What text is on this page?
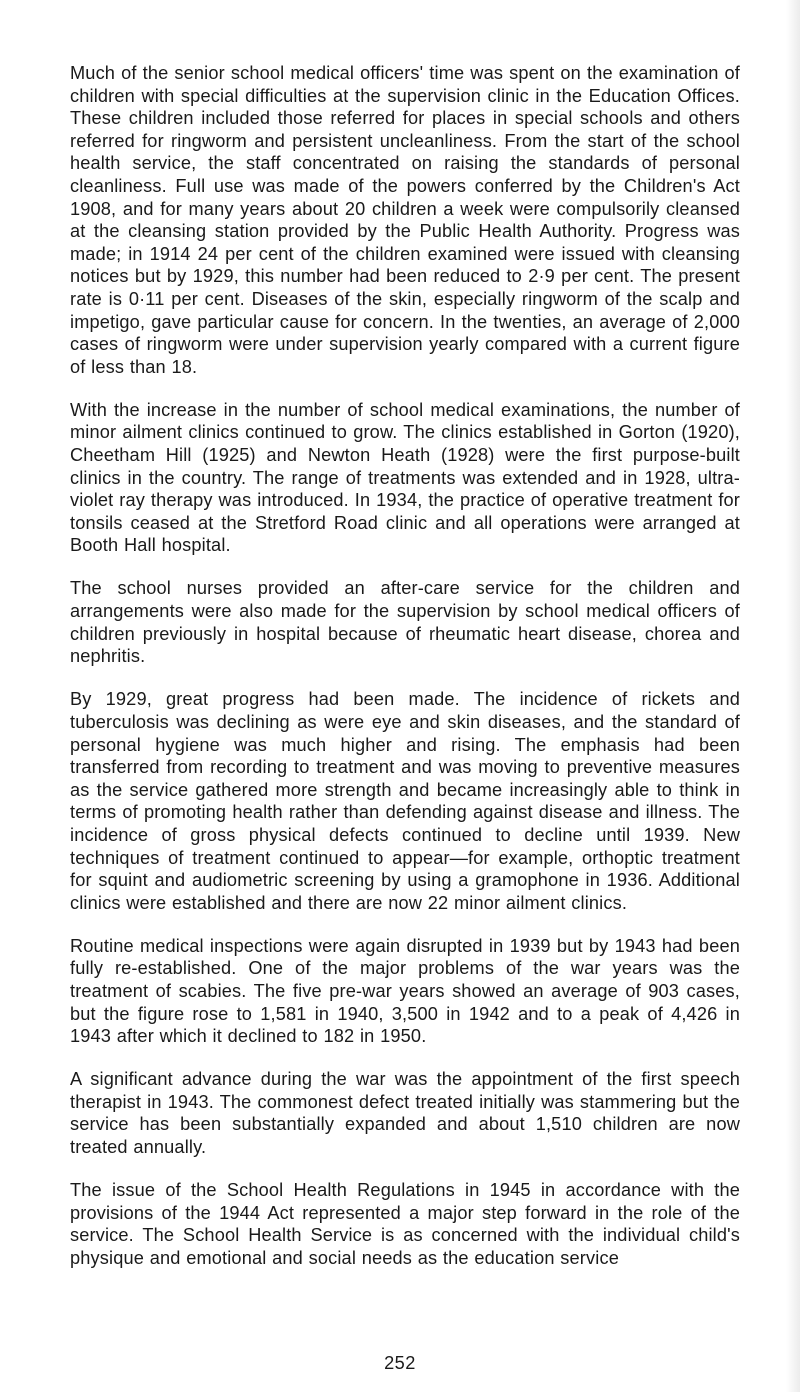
Much of the senior school medical officers' time was spent on the examination of children with special difficulties at the supervision clinic in the Education Offices. These children included those referred for places in special schools and others referred for ringworm and persistent uncleanliness. From the start of the school health service, the staff concentrated on raising the standards of personal cleanliness. Full use was made of the powers conferred by the Children's Act 1908, and for many years about 20 children a week were compulsorily cleansed at the cleansing station provided by the Public Health Authority. Progress was made; in 1914 24 per cent of the children examined were issued with cleansing notices but by 1929, this number had been reduced to 2·9 per cent. The present rate is 0·11 per cent. Diseases of the skin, especially ringworm of the scalp and impetigo, gave particular cause for concern. In the twenties, an average of 2,000 cases of ringworm were under supervision yearly compared with a current figure of less than 18.

With the increase in the number of school medical examinations, the number of minor ailment clinics continued to grow. The clinics established in Gorton (1920), Cheetham Hill (1925) and Newton Heath (1928) were the first purpose-built clinics in the country. The range of treatments was extended and in 1928, ultra-violet ray therapy was introduced. In 1934, the practice of operative treatment for tonsils ceased at the Stretford Road clinic and all operations were arranged at Booth Hall hospital.

The school nurses provided an after-care service for the children and arrangements were also made for the supervision by school medical officers of children previously in hospital because of rheumatic heart disease, chorea and nephritis.

By 1929, great progress had been made. The incidence of rickets and tuberculosis was declining as were eye and skin diseases, and the standard of personal hygiene was much higher and rising. The emphasis had been transferred from recording to treatment and was moving to preventive measures as the service gathered more strength and became increasingly able to think in terms of promoting health rather than defending against disease and illness. The incidence of gross physical defects continued to decline until 1939. New techniques of treatment continued to appear—for example, orthoptic treatment for squint and audiometric screening by using a gramophone in 1936. Additional clinics were established and there are now 22 minor ailment clinics.

Routine medical inspections were again disrupted in 1939 but by 1943 had been fully re-established. One of the major problems of the war years was the treatment of scabies. The five pre-war years showed an average of 903 cases, but the figure rose to 1,581 in 1940, 3,500 in 1942 and to a peak of 4,426 in 1943 after which it declined to 182 in 1950.

A significant advance during the war was the appointment of the first speech therapist in 1943. The commonest defect treated initially was stammering but the service has been substantially expanded and about 1,510 children are now treated annually.

The issue of the School Health Regulations in 1945 in accordance with the provisions of the 1944 Act represented a major step forward in the role of the service. The School Health Service is as concerned with the individual child's physique and emotional and social needs as the education service

252
